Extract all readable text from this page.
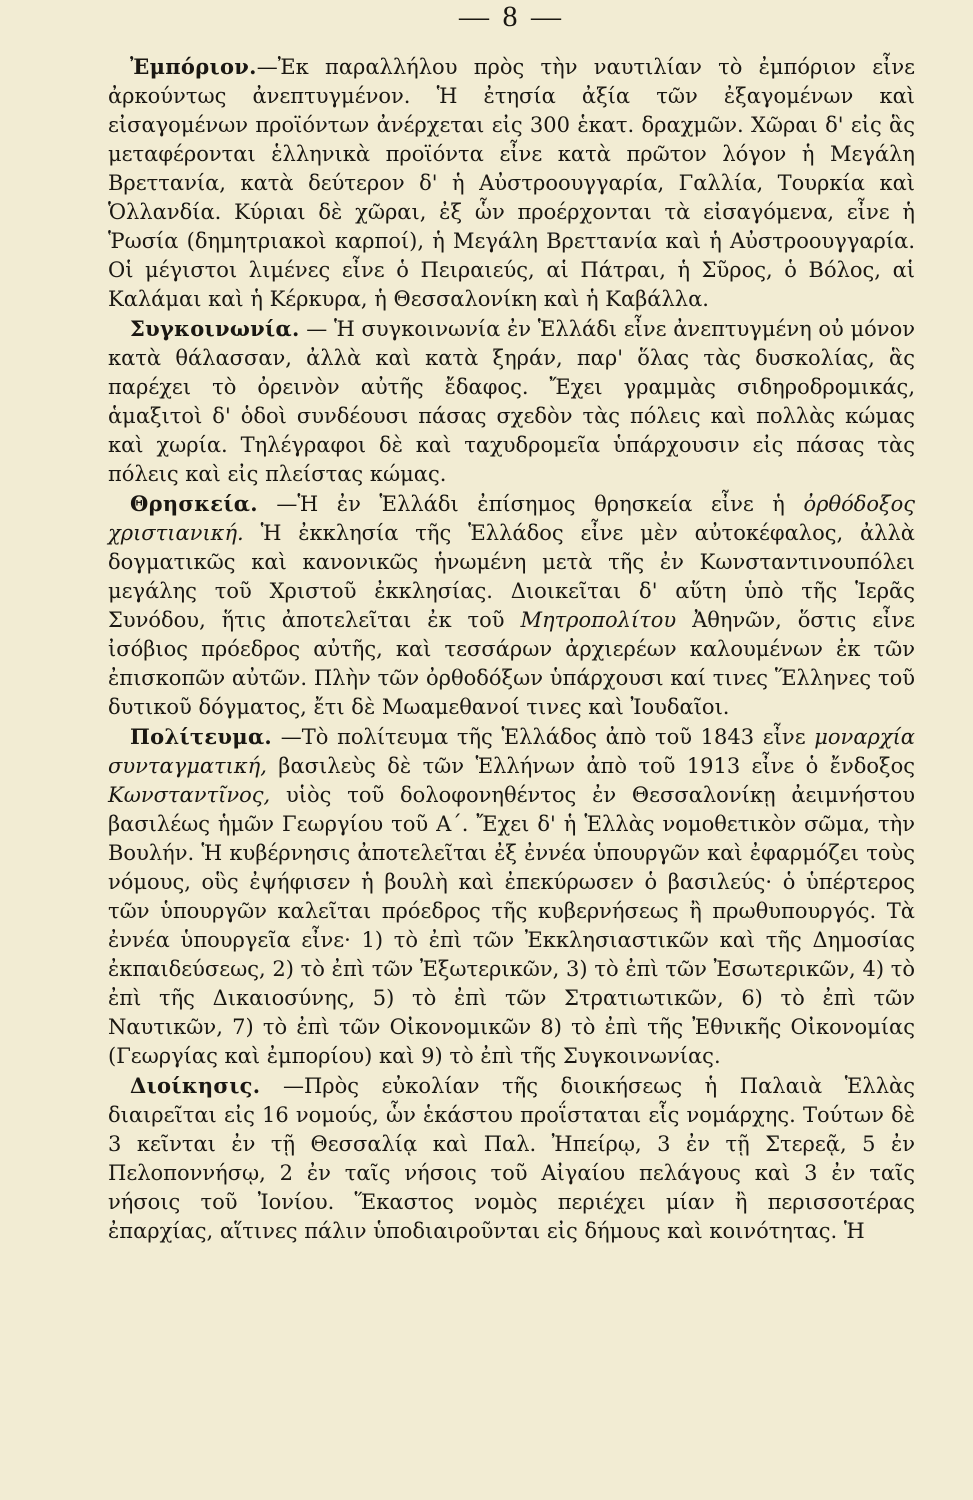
— 8 —

Ἐμπόριον.—Ἐκ παραλλήλου πρὸς τὴν ναυτιλίαν τὸ ἐμπόριον εἶνε ἀρκούντως ἀνεπτυγμένον. Ἡ ἐτησία ἀξία τῶν ἐξαγομένων καὶ εἰσαγομένων προϊόντων ἀνέρχεται εἰς 300 ἑκατ. δραχμῶν. Χῶραι δ' εἰς ἃς μεταφέρονται ἑλληνικὰ προϊόντα εἶνε κατὰ πρῶτον λόγον ἡ Μεγάλη Βρεττανία, κατὰ δεύτερον δ' ἡ Αὐστροουγγαρία, Γαλλία, Τουρκία καὶ Ὁλλανδία. Κύριαι δὲ χῶραι, ἐξ ὧν προέρχονται τὰ εἰσαγόμενα, εἶνε ἡ Ῥωσία (δημητριακοὶ καρποί), ἡ Μεγάλη Βρεττανία καὶ ἡ Αὐστροουγγαρία. Οἱ μέγιστοι λιμένες εἶνε ὁ Πειραιεύς, αἱ Πάτραι, ἡ Σῦρος, ὁ Βόλος, αἱ Καλάμαι καὶ ἡ Κέρκυρα, ἡ Θεσσαλονίκη καὶ ἡ Καβάλλα.

Συγκοινωνία. — Ἡ συγκοινωνία ἐν Ἑλλάδι εἶνε ἀνεπτυγμένη οὐ μόνον κατὰ θάλασσαν, ἀλλὰ καὶ κατὰ ξηράν, παρ' ὅλας τὰς δυσκολίας, ἃς παρέχει τὸ ὀρεινὸν αὐτῆς ἔδαφος. Ἔχει γραμμὰς σιδηροδρομικάς, ἁμαξιτοὶ δ' ὁδοὶ συνδέουσι πάσας σχεδὸν τὰς πόλεις καὶ πολλὰς κώμας καὶ χωρία. Τηλέγραφοι δὲ καὶ ταχυδρομεῖα ὑπάρχουσιν εἰς πάσας τὰς πόλεις καὶ εἰς πλείστας κώμας.

Θρησκεία. —Ἡ ἐν Ἑλλάδι ἐπίσημος θρησκεία εἶνε ἡ ὀρθόδοξος χριστιανική. Ἡ ἐκκλησία τῆς Ἑλλάδος εἶνε μὲν αὐτοκέφαλος, ἀλλὰ δογματικῶς καὶ κανονικῶς ἡνωμένη μετὰ τῆς ἐν Κωνσταντινουπόλει μεγάλης τοῦ Χριστοῦ ἐκκλησίας. Διοικεῖται δ' αὕτη ὑπὸ τῆς Ἱερᾶς Συνόδου, ἥτις ἀποτελεῖται ἐκ τοῦ Μητροπολίτου Ἀθηνῶν, ὅστις εἶνε ἰσόβιος πρόεδρος αὐτῆς, καὶ τεσσάρων ἀρχιερέων καλουμένων ἐκ τῶν ἐπισκοπῶν αὐτῶν. Πλὴν τῶν ὀρθοδόξων ὑπάρχουσι καί τινες Ἕλληνες τοῦ δυτικοῦ δόγματος, ἔτι δὲ Μωαμεθανοί τινες καὶ Ἰουδαῖοι.

Πολίτευμα. —Τὸ πολίτευμα τῆς Ἑλλάδος ἀπὸ τοῦ 1843 εἶνε μοναρχία συνταγματική, βασιλεὺς δὲ τῶν Ἑλλήνων ἀπὸ τοῦ 1913 εἶνε ὁ ἔνδοξος Κωνσταντῖνος, υἱὸς τοῦ δολοφονηθέντος ἐν Θεσσαλονίκῃ ἀειμνήστου βασιλέως ἡμῶν Γεωργίου τοῦ Α΄. Ἔχει δ' ἡ Ἑλλὰς νομοθετικὸν σῶμα, τὴν Βουλήν. Ἡ κυβέρνησις ἀποτελεῖται ἐξ ἐννέα ὑπουργῶν καὶ ἐφαρμόζει τοὺς νόμους, οὓς ἐψήφισεν ἡ βουλὴ καὶ ἐπεκύρωσεν ὁ βασιλεύς· ὁ ὑπέρτερος τῶν ὑπουργῶν καλεῖται πρόεδρος τῆς κυβερνήσεως ἢ πρωθυπουργός. Τὰ ἐννέα ὑπουργεῖα εἶνε· 1) τὸ ἐπὶ τῶν Ἐκκλησιαστικῶν καὶ τῆς Δημοσίας ἐκπαιδεύσεως, 2) τὸ ἐπὶ τῶν Ἐξωτερικῶν, 3) τὸ ἐπὶ τῶν Ἐσωτερικῶν, 4) τὸ ἐπὶ τῆς Δικαιοσύνης, 5) τὸ ἐπὶ τῶν Στρατιωτικῶν, 6) τὸ ἐπὶ τῶν Ναυτικῶν, 7) τὸ ἐπὶ τῶν Οἰκονομικῶν 8) τὸ ἐπὶ τῆς Ἐθνικῆς Οἰκονομίας (Γεωργίας καὶ ἐμπορίου) καὶ 9) τὸ ἐπὶ τῆς Συγκοινωνίας.

Διοίκησις. —Πρὸς εὐκολίαν τῆς διοικήσεως ἡ Παλαιὰ Ἑλλὰς διαιρεῖται εἰς 16 νομούς, ὧν ἑκάστου προΐσταται εἷς νομάρχης. Τούτων δὲ 3 κεῖνται ἐν τῇ Θεσσαλίᾳ καὶ Παλ. Ἠπείρῳ, 3 ἐν τῇ Στερεᾷ, 5 ἐν Πελοποννήσῳ, 2 ἐν ταῖς νήσοις τοῦ Αἰγαίου πελάγους καὶ 3 ἐν ταῖς νήσοις τοῦ Ἰονίου. Ἕκαστος νομὸς περιέχει μίαν ἢ περισσοτέρας ἐπαρχίας, αἵτινες πάλιν ὑποδιαιροῦνται εἰς δήμους καὶ κοινότητας. Ἡ
